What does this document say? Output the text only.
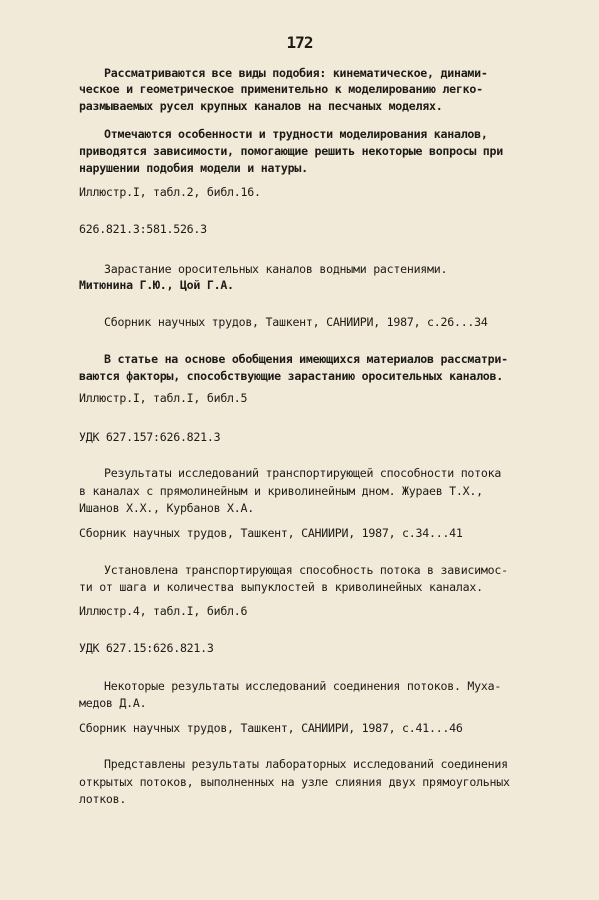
172
Рассматриваются все виды подобия: кинематическое, динами-
ческое и геометрическое применительно к моделированию легко-
размываемых русел крупных каналов на песчаных моделях.
Отмечаются особенности и трудности моделирования каналов,
приводятся зависимости, помогающие решить некоторые вопросы при
нарушении подобия модели и натуры.
Иллюстр.I, табл.2, библ.16.
626.821.3:581.526.3
Зарастание оросительных каналов водными растениями.
Митюнина Г.Ю., Цой Г.А.
Сборник научных трудов, Ташкент, САНИИРИ, 1987, с.26...34
В статье на основе обобщения имеющихся материалов рассматри-
ваются факторы, способствующие зарастанию оросительных каналов.
Иллюстр.I, табл.I, библ.5
УДК 627.157:626.821.3
Результаты исследований транспортирующей способности потока
в каналах с прямолинейным и криволинейным дном. Жураев Т.Х.,
Ишанов Х.Х., Курбанов Х.А.
Сборник научных трудов, Ташкент, САНИИРИ, 1987, с.34...41
Установлена транспортирующая способность потока в зависимос-
ти от шага и количества выпуклостей в криволинейных каналах.
Иллюстр.4, табл.I, библ.6
УДК 627.15:626.821.3
Некоторые результаты исследований соединения потоков. Муха-
медов Д.А.
Сборник научных трудов, Ташкент, САНИИРИ, 1987, с.41...46
Представлены результаты лабораторных исследований соединения
открытых потоков, выполненных на узле слияния двух прямоугольных
лотков.
